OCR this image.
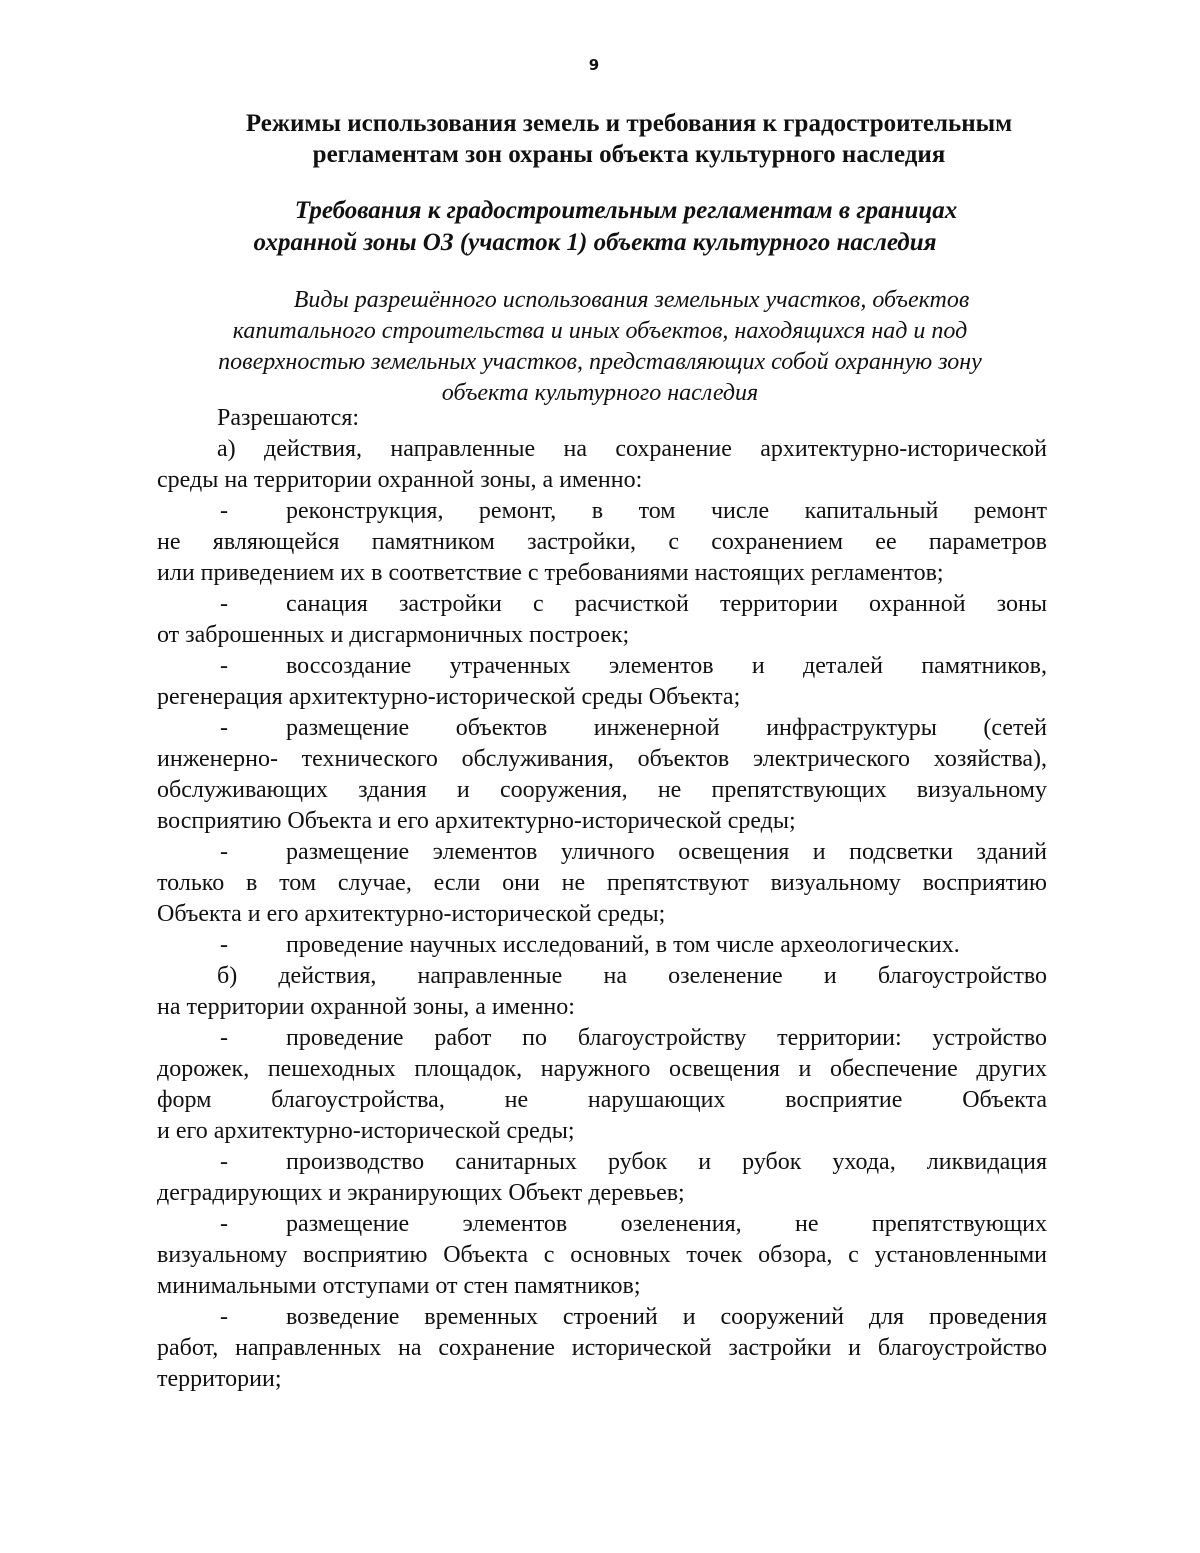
9
Режимы использования земель и требования к градостроительным
регламентам зон охраны объекта культурного наследия
Требования к градостроительным регламентам в границах
охранной зоны ОЗ (участок 1) объекта культурного наследия
Виды разрешённого использования земельных участков, объектов
капитального строительства и иных объектов, находящихся над и под
поверхностью земельных участков, представляющих собой охранную зону
объекта культурного наследия

Разрешаются:

а) действия, направленные на сохранение архитектурно-исторической
среды на территории охранной зоны, а именно:
-	реконструкция, ремонт, в том числе капитальный ремонт
не являющейся памятником застройки, с сохранением ее параметров
или приведением их в соответствие с требованиями настоящих регламентов;
-	санация застройки с расчисткой территории охранной зоны
от заброшенных и дисгармоничных построек;
-	воссоздание утраченных элементов и деталей памятников,
регенерация архитектурно-исторической среды Объекта;
-	размещение объектов инженерной инфраструктуры (сетей
инженерно- технического обслуживания, объектов электрического хозяйства),
обслуживающих здания и сооружения, не препятствующих визуальному
восприятию Объекта и его архитектурно-исторической среды;
-	размещение элементов уличного освещения и подсветки зданий
только в том случае, если они не препятствуют визуальному восприятию
Объекта и его архитектурно-исторической среды;
-	проведение научных исследований, в том числе археологических.
б) действия, направленные на озеленение и благоустройство
на территории охранной зоны, а именно:
-	проведение работ по благоустройству территории: устройство
дорожек, пешеходных площадок, наружного освещения и обеспечение других
форм благоустройства, не нарушающих восприятие Объекта
и его архитектурно-исторической среды;
-	производство санитарных рубок и рубок ухода, ликвидация
деградирующих и экранирующих Объект деревьев;
-	размещение элементов озеленения, не препятствующих
визуальному восприятию Объекта с основных точек обзора, с установленными
минимальными отступами от стен памятников;
-	возведение временных строений и сооружений для проведения
работ, направленных на сохранение исторической застройки и благоустройство
территории;
